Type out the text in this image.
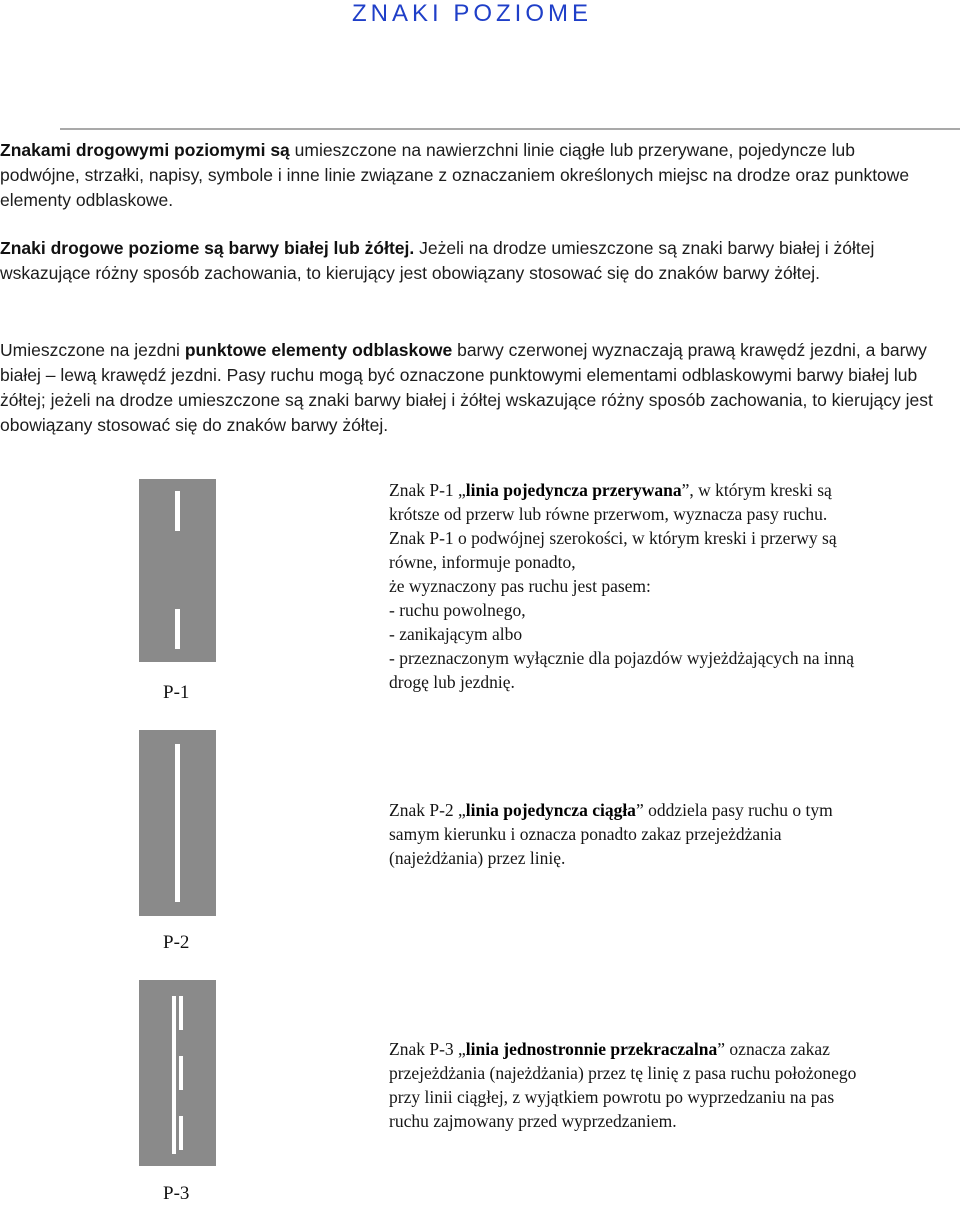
ZNAKI POZIOME
Znakami drogowymi poziomymi są umieszczone na nawierzchni linie ciągłe lub przerywane, pojedyncze lub podwójne, strzałki, napisy, symbole i inne linie związane z oznaczaniem określonych miejsc na drodze oraz punktowe elementy odblaskowe.
Znaki drogowe poziome są barwy białej lub żółtej. Jeżeli na drodze umieszczone są znaki barwy białej i żółtej wskazujące różny sposób zachowania, to kierujący jest obowiązany stosować się do znaków barwy żółtej.
Umieszczone na jezdni punktowe elementy odblaskowe barwy czerwonej wyznaczają prawą krawędź jezdni, a barwy białej – lewą krawędź jezdni. Pasy ruchu mogą być oznaczone punktowymi elementami odblaskowymi barwy białej lub żółtej; jeżeli na drodze umieszczone są znaki barwy białej i żółtej wskazujące różny sposób zachowania, to kierujący jest obowiązany stosować się do znaków barwy żółtej.
P-1
P-2
P-3
Znak P-1 „linia pojedyncza przerywana”, w którym kreski są
krótsze od przerw lub równe przerwom, wyznacza pasy ruchu.
Znak P-1 o podwójnej szerokości, w którym kreski i przerwy są
równe, informuje ponadto,
że wyznaczony pas ruchu jest pasem:
- ruchu powolnego,
- zanikającym albo
- przeznaczonym wyłącznie dla pojazdów wyjeżdżających na inną
drogę lub jezdnię.
Znak P-2 „linia pojedyncza ciągła” oddziela pasy ruchu o tym
samym kierunku i oznacza ponadto zakaz przejeżdżania
(najeżdżania) przez linię.
Znak P-3 „linia jednostronnie przekraczalna” oznacza zakaz
przejeżdżania (najeżdżania) przez tę linię z pasa ruchu położonego
przy linii ciągłej, z wyjątkiem powrotu po wyprzedzaniu na pas
ruchu zajmowany przed wyprzedzaniem.
